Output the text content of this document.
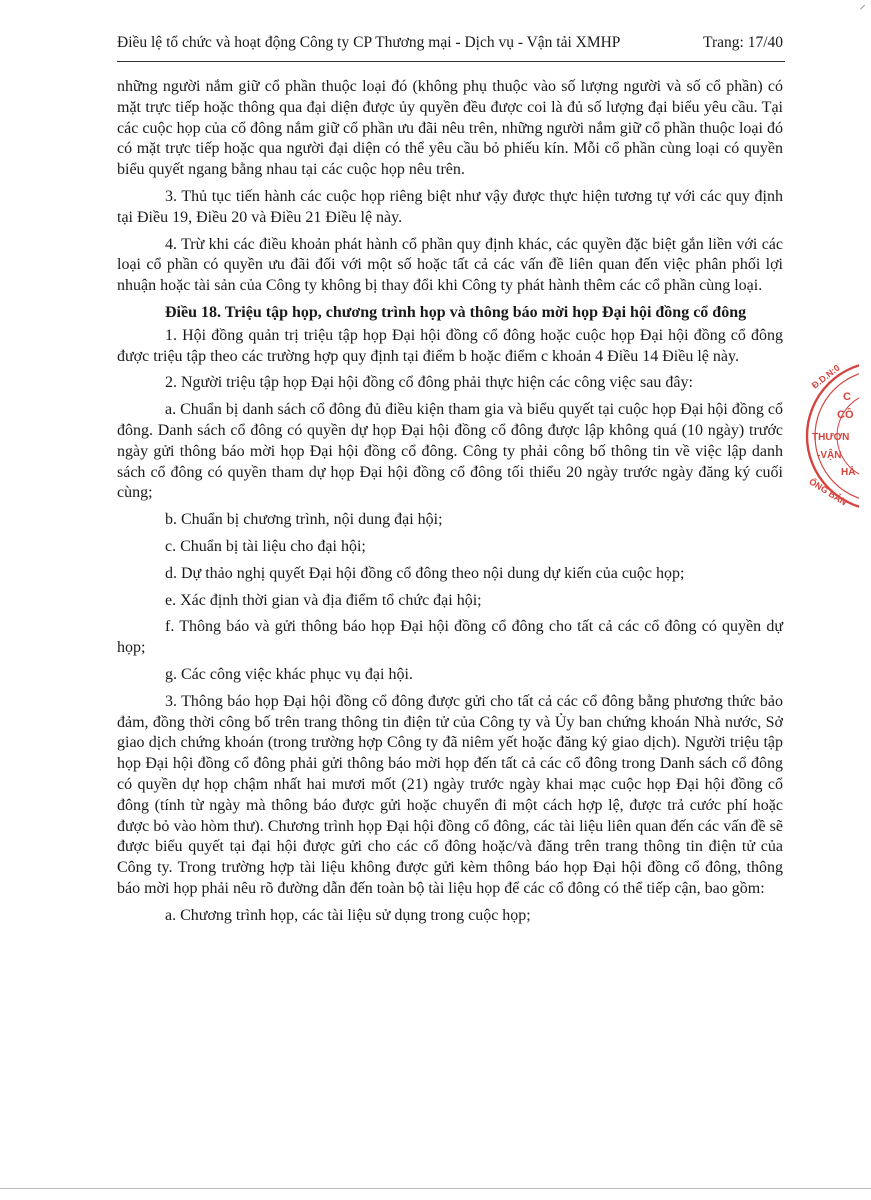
Điều lệ tổ chức và hoạt động Công ty CP Thương mại - Dịch vụ - Vận tải XMHP	Trang: 17/40

những người nắm giữ cổ phần thuộc loại đó (không phụ thuộc vào số lượng người và số cổ phần) có mặt trực tiếp hoặc thông qua đại diện được ủy quyền đều được coi là đủ số lượng đại biểu yêu cầu. Tại các cuộc họp của cổ đông nắm giữ cổ phần ưu đãi nêu trên, những người nắm giữ cổ phần thuộc loại đó có mặt trực tiếp hoặc qua người đại diện có thể yêu cầu bỏ phiếu kín. Mỗi cổ phần cùng loại có quyền biểu quyết ngang bằng nhau tại các cuộc họp nêu trên.

3. Thủ tục tiến hành các cuộc họp riêng biệt như vậy được thực hiện tương tự với các quy định tại Điều 19, Điều 20 và Điều 21 Điều lệ này.

4. Trừ khi các điều khoản phát hành cổ phần quy định khác, các quyền đặc biệt gắn liền với các loại cổ phần có quyền ưu đãi đối với một số hoặc tất cả các vấn đề liên quan đến việc phân phối lợi nhuận hoặc tài sản của Công ty không bị thay đổi khi Công ty phát hành thêm các cổ phần cùng loại.

Điều 18. Triệu tập họp, chương trình họp và thông báo mời họp Đại hội đồng cổ đông

1. Hội đồng quản trị triệu tập họp Đại hội đồng cổ đông hoặc cuộc họp Đại hội đồng cổ đông được triệu tập theo các trường hợp quy định tại điểm b hoặc điểm c khoản 4 Điều 14 Điều lệ này.

2. Người triệu tập họp Đại hội đồng cổ đông phải thực hiện các công việc sau đây:

a. Chuẩn bị danh sách cổ đông đủ điều kiện tham gia và biểu quyết tại cuộc họp Đại hội đồng cổ đông. Danh sách cổ đông có quyền dự họp Đại hội đồng cổ đông được lập không quá (10 ngày) trước ngày gửi thông báo mời họp Đại hội đồng cổ đông. Công ty phải công bố thông tin về việc lập danh sách cổ đông có quyền tham dự họp Đại hội đồng cổ đông tối thiểu 20 ngày trước ngày đăng ký cuối cùng;

b. Chuẩn bị chương trình, nội dung đại hội;

c. Chuẩn bị tài liệu cho đại hội;

d. Dự thảo nghị quyết Đại hội đồng cổ đông theo nội dung dự kiến của cuộc họp;

e. Xác định thời gian và địa điểm tổ chức đại hội;

f. Thông báo và gửi thông báo họp Đại hội đồng cổ đông cho tất cả các cổ đông có quyền dự họp;

g. Các công việc khác phục vụ đại hội.

3. Thông báo họp Đại hội đồng cổ đông được gửi cho tất cả các cổ đông bằng phương thức bảo đảm, đồng thời công bố trên trang thông tin điện tử của Công ty và Ủy ban chứng khoán Nhà nước, Sở giao dịch chứng khoán (trong trường hợp Công ty đã niêm yết hoặc đăng ký giao dịch). Người triệu tập họp Đại hội đồng cổ đông phải gửi thông báo mời họp đến tất cả các cổ đông trong Danh sách cổ đông có quyền dự họp chậm nhất hai mươi mốt (21) ngày trước ngày khai mạc cuộc họp Đại hội đồng cổ đông (tính từ ngày mà thông báo được gửi hoặc chuyển đi một cách hợp lệ, được trả cước phí hoặc được bỏ vào hòm thư). Chương trình họp Đại hội đồng cổ đông, các tài liệu liên quan đến các vấn đề sẽ được biểu quyết tại đại hội được gửi cho các cổ đông hoặc/và đăng trên trang thông tin điện tử của Công ty. Trong trường hợp tài liệu không được gửi kèm thông báo họp Đại hội đồng cổ đông, thông báo mời họp phải nêu rõ đường dẫn đến toàn bộ tài liệu họp để các cổ đông có thể tiếp cận, bao gồm:

a. Chương trình họp, các tài liệu sử dụng trong cuộc họp;

Đ.D.N:0
C
CÔ
THƯƠN
-VẬN
HẢ
ỔNG BẢN
